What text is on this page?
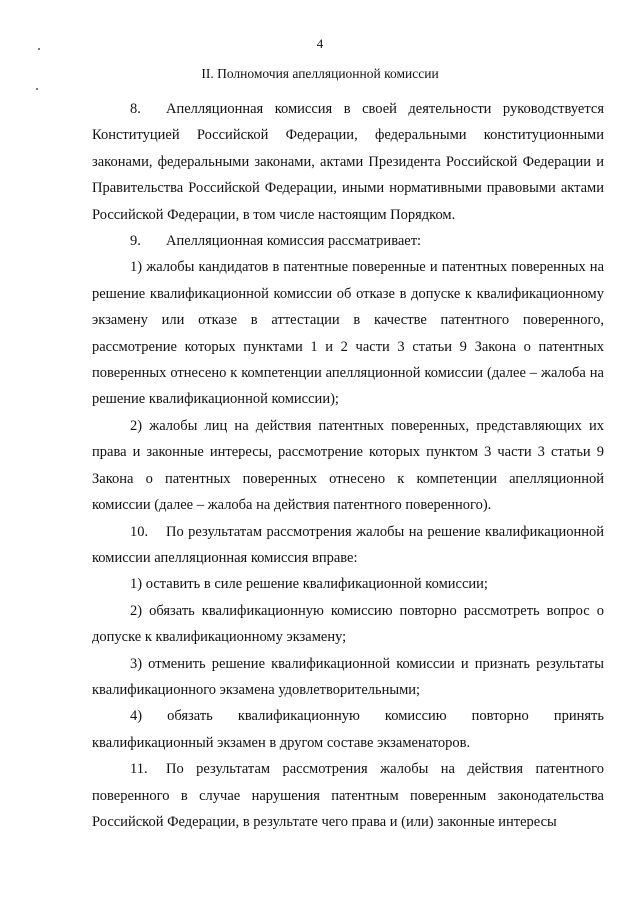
4
II. Полномочия апелляционной комиссии

8. Апелляционная комиссия в своей деятельности руководствуется Конституцией Российской Федерации, федеральными конституционными законами, федеральными законами, актами Президента Российской Федерации и Правительства Российской Федерации, иными нормативными правовыми актами Российской Федерации, в том числе настоящим Порядком.

9. Апелляционная комиссия рассматривает:

1) жалобы кандидатов в патентные поверенные и патентных поверенных на решение квалификационной комиссии об отказе в допуске к квалификационному экзамену или отказе в аттестации в качестве патентного поверенного, рассмотрение которых пунктами 1 и 2 части 3 статьи 9 Закона о патентных поверенных отнесено к компетенции апелляционной комиссии (далее – жалоба на решение квалификационной комиссии);

2) жалобы лиц на действия патентных поверенных, представляющих их права и законные интересы, рассмотрение которых пунктом 3 части 3 статьи 9 Закона о патентных поверенных отнесено к компетенции апелляционной комиссии (далее – жалоба на действия патентного поверенного).

10. По результатам рассмотрения жалобы на решение квалификационной комиссии апелляционная комиссия вправе:

1) оставить в силе решение квалификационной комиссии;

2) обязать квалификационную комиссию повторно рассмотреть вопрос о допуске к квалификационному экзамену;

3) отменить решение квалификационной комиссии и признать результаты квалификационного экзамена удовлетворительными;

4) обязать квалификационную комиссию повторно принять квалификационный экзамен в другом составе экзаменаторов.

11. По результатам рассмотрения жалобы на действия патентного поверенного в случае нарушения патентным поверенным законодательства Российской Федерации, в результате чего права и (или) законные интересы
